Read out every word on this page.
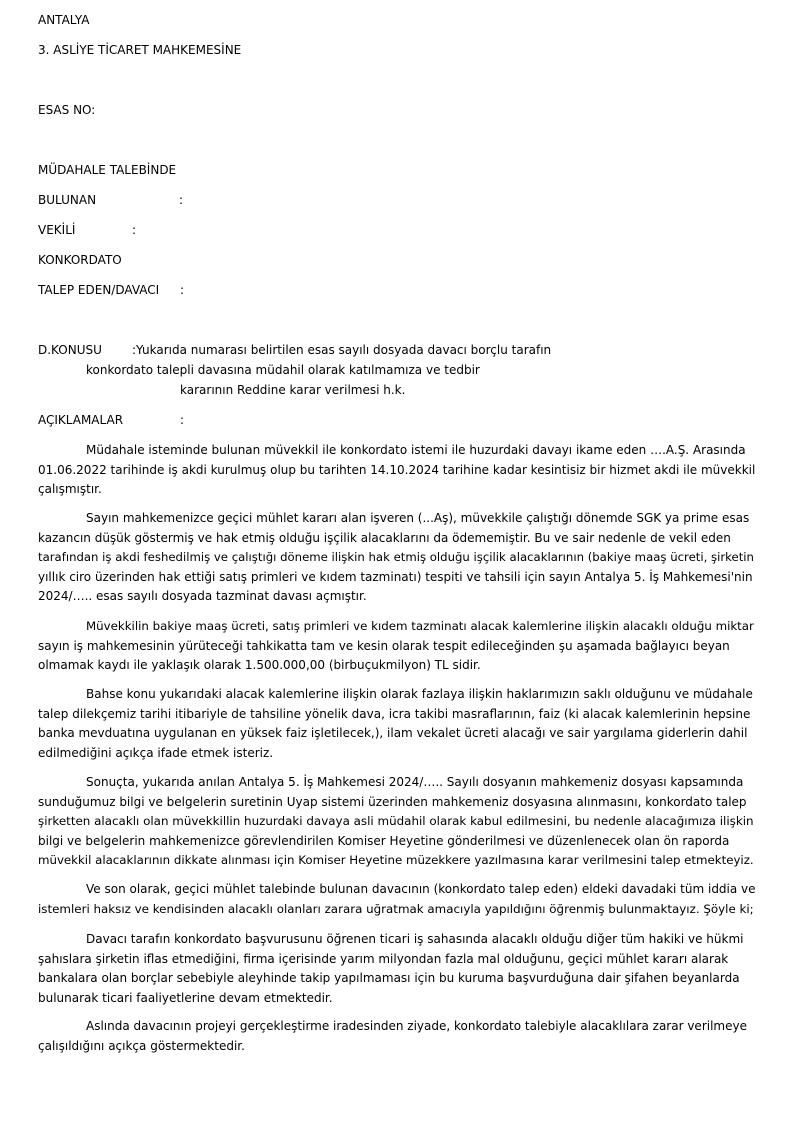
ANTALYA
3. ASLİYE TİCARET MAHKEMESİNE
ESAS NO:
MÜDAHALE TALEBİNDE
BULUNAN	:
VEKİLİ	:
KONKORDATO
TALEP EDEN/DAVACI :
D.KONUSU	:Yukarıda numarası belirtilen esas sayılı dosyada davacı borçlu tarafın
konkordato talepli davasına müdahil olarak katılmamıza ve tedbir
kararının Reddine karar verilmesi h.k.
AÇIKLAMALAR	:
Müdahale isteminde bulunan müvekkil ile konkordato istemi ile huzurdaki davayı ikame eden ….A.Ş. Arasında
01.06.2022 tarihinde iş akdi kurulmuş olup bu tarihten 14.10.2024 tarihine kadar kesintisiz bir hizmet akdi ile müvekkil
çalışmıştır.
Sayın mahkemenizce geçici mühlet kararı alan işveren (...Aş), müvekkile çalıştığı dönemde SGK ya prime esas
kazancın düşük göstermiş ve hak etmiş olduğu işçilik alacaklarını da ödememiştir. Bu ve sair nedenle de vekil eden
tarafından iş akdi feshedilmiş ve çalıştığı döneme ilişkin hak etmiş olduğu işçilik alacaklarının (bakiye maaş ücreti, şirketin
yıllık ciro üzerinden hak ettiği satış primleri ve kıdem tazminatı) tespiti ve tahsili için sayın Antalya 5. İş Mahkemesi'nin
2024/….. esas sayılı dosyada tazminat davası açmıştır.
Müvekkilin bakiye maaş ücreti, satış primleri ve kıdem tazminatı alacak kalemlerine ilişkin alacaklı olduğu miktar
sayın iş mahkemesinin yürüteceği tahkikatta tam ve kesin olarak tespit edileceğinden şu aşamada bağlayıcı beyan
olmamak kaydı ile yaklaşık olarak 1.500.000,00 (birbuçukmilyon) TL sidir.
Bahse konu yukarıdaki alacak kalemlerine ilişkin olarak fazlaya ilişkin haklarımızın saklı olduğunu ve müdahale
talep dilekçemiz tarihi itibariyle de tahsiline yönelik dava, icra takibi masraflarının, faiz (ki alacak kalemlerinin hepsine
banka mevduatına uygulanan en yüksek faiz işletilecek,), ilam vekalet ücreti alacağı ve sair yargılama giderlerin dahil
edilmediğini açıkça ifade etmek isteriz.
Sonuçta, yukarıda anılan Antalya 5. İş Mahkemesi 2024/….. Sayılı dosyanın mahkemeniz dosyası kapsamında
sunduğumuz bilgi ve belgelerin suretinin Uyap sistemi üzerinden mahkemeniz dosyasına alınmasını, konkordato talep
şirketten alacaklı olan müvekkillin huzurdaki davaya asli müdahil olarak kabul edilmesini, bu nedenle alacağımıza ilişkin
bilgi ve belgelerin mahkemenizce görevlendirilen Komiser Heyetine gönderilmesi ve düzenlenecek olan ön raporda
müvekkil alacaklarının dikkate alınması için Komiser Heyetine müzekkere yazılmasına karar verilmesini talep etmekteyiz.
Ve son olarak, geçici mühlet talebinde bulunan davacının (konkordato talep eden) eldeki davadaki tüm iddia ve
istemleri haksız ve kendisinden alacaklı olanları zarara uğratmak amacıyla yapıldığını öğrenmiş bulunmaktayız. Şöyle ki;
Davacı tarafın konkordato başvurusunu öğrenen ticari iş sahasında alacaklı olduğu diğer tüm hakiki ve hükmi
şahıslara şirketin iflas etmediğini, firma içerisinde yarım milyondan fazla mal olduğunu, geçici mühlet kararı alarak
bankalara olan borçlar sebebiyle aleyhinde takip yapılmaması için bu kuruma başvurduğuna dair şifahen beyanlarda
bulunarak ticari faaliyetlerine devam etmektedir.
Aslında davacının projeyi gerçekleştirme iradesinden ziyade, konkordato talebiyle alacaklılara zarar verilmeye
çalışıldığını açıkça göstermektedir.
